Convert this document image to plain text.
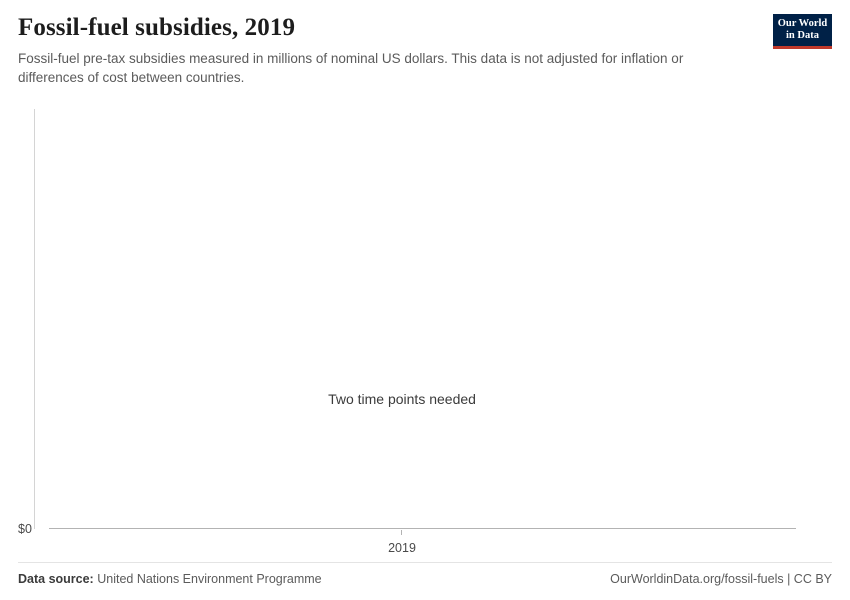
Fossil-fuel subsidies, 2019

Fossil-fuel pre-tax subsidies measured in millions of nominal US dollars. This data is not adjusted for inflation or differences of cost between countries.

Our World
in Data
$0
2019
Two time points needed
Data source: United Nations Environment Programme	OurWorldinData.org/fossil-fuels | CC BY
